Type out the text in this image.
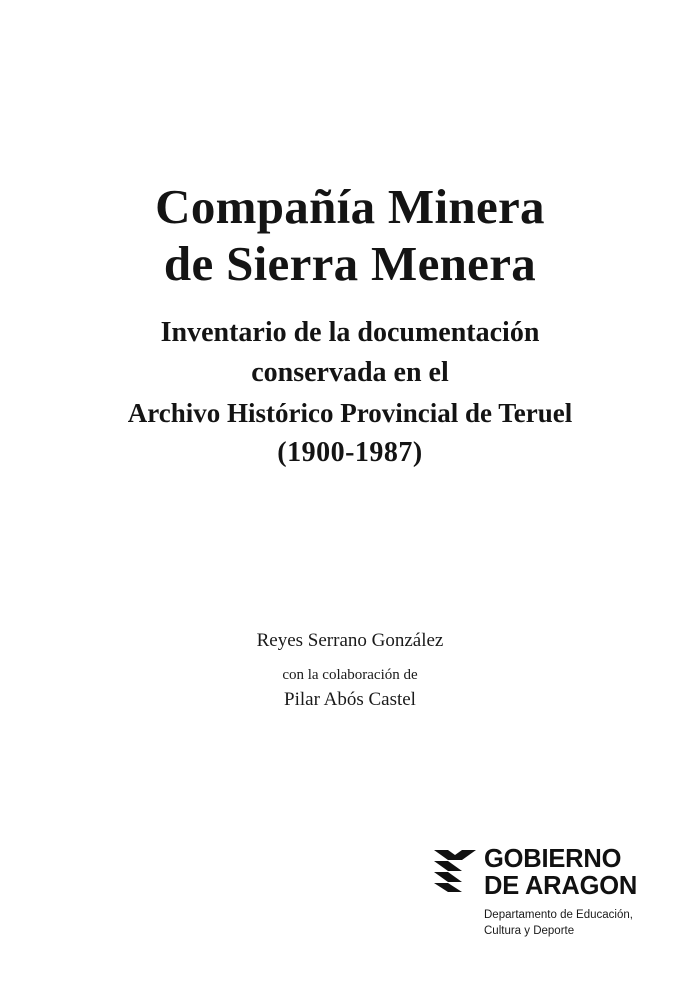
Compañía Minera
de Sierra Menera
Inventario de la documentación
conservada en el
Archivo Histórico Provincial de Teruel
(1900-1987)
Reyes Serrano González
con la colaboración de
Pilar Abós Castel
GOBIERNO
DE ARAGON
Departamento de Educación,
Cultura y Deporte
